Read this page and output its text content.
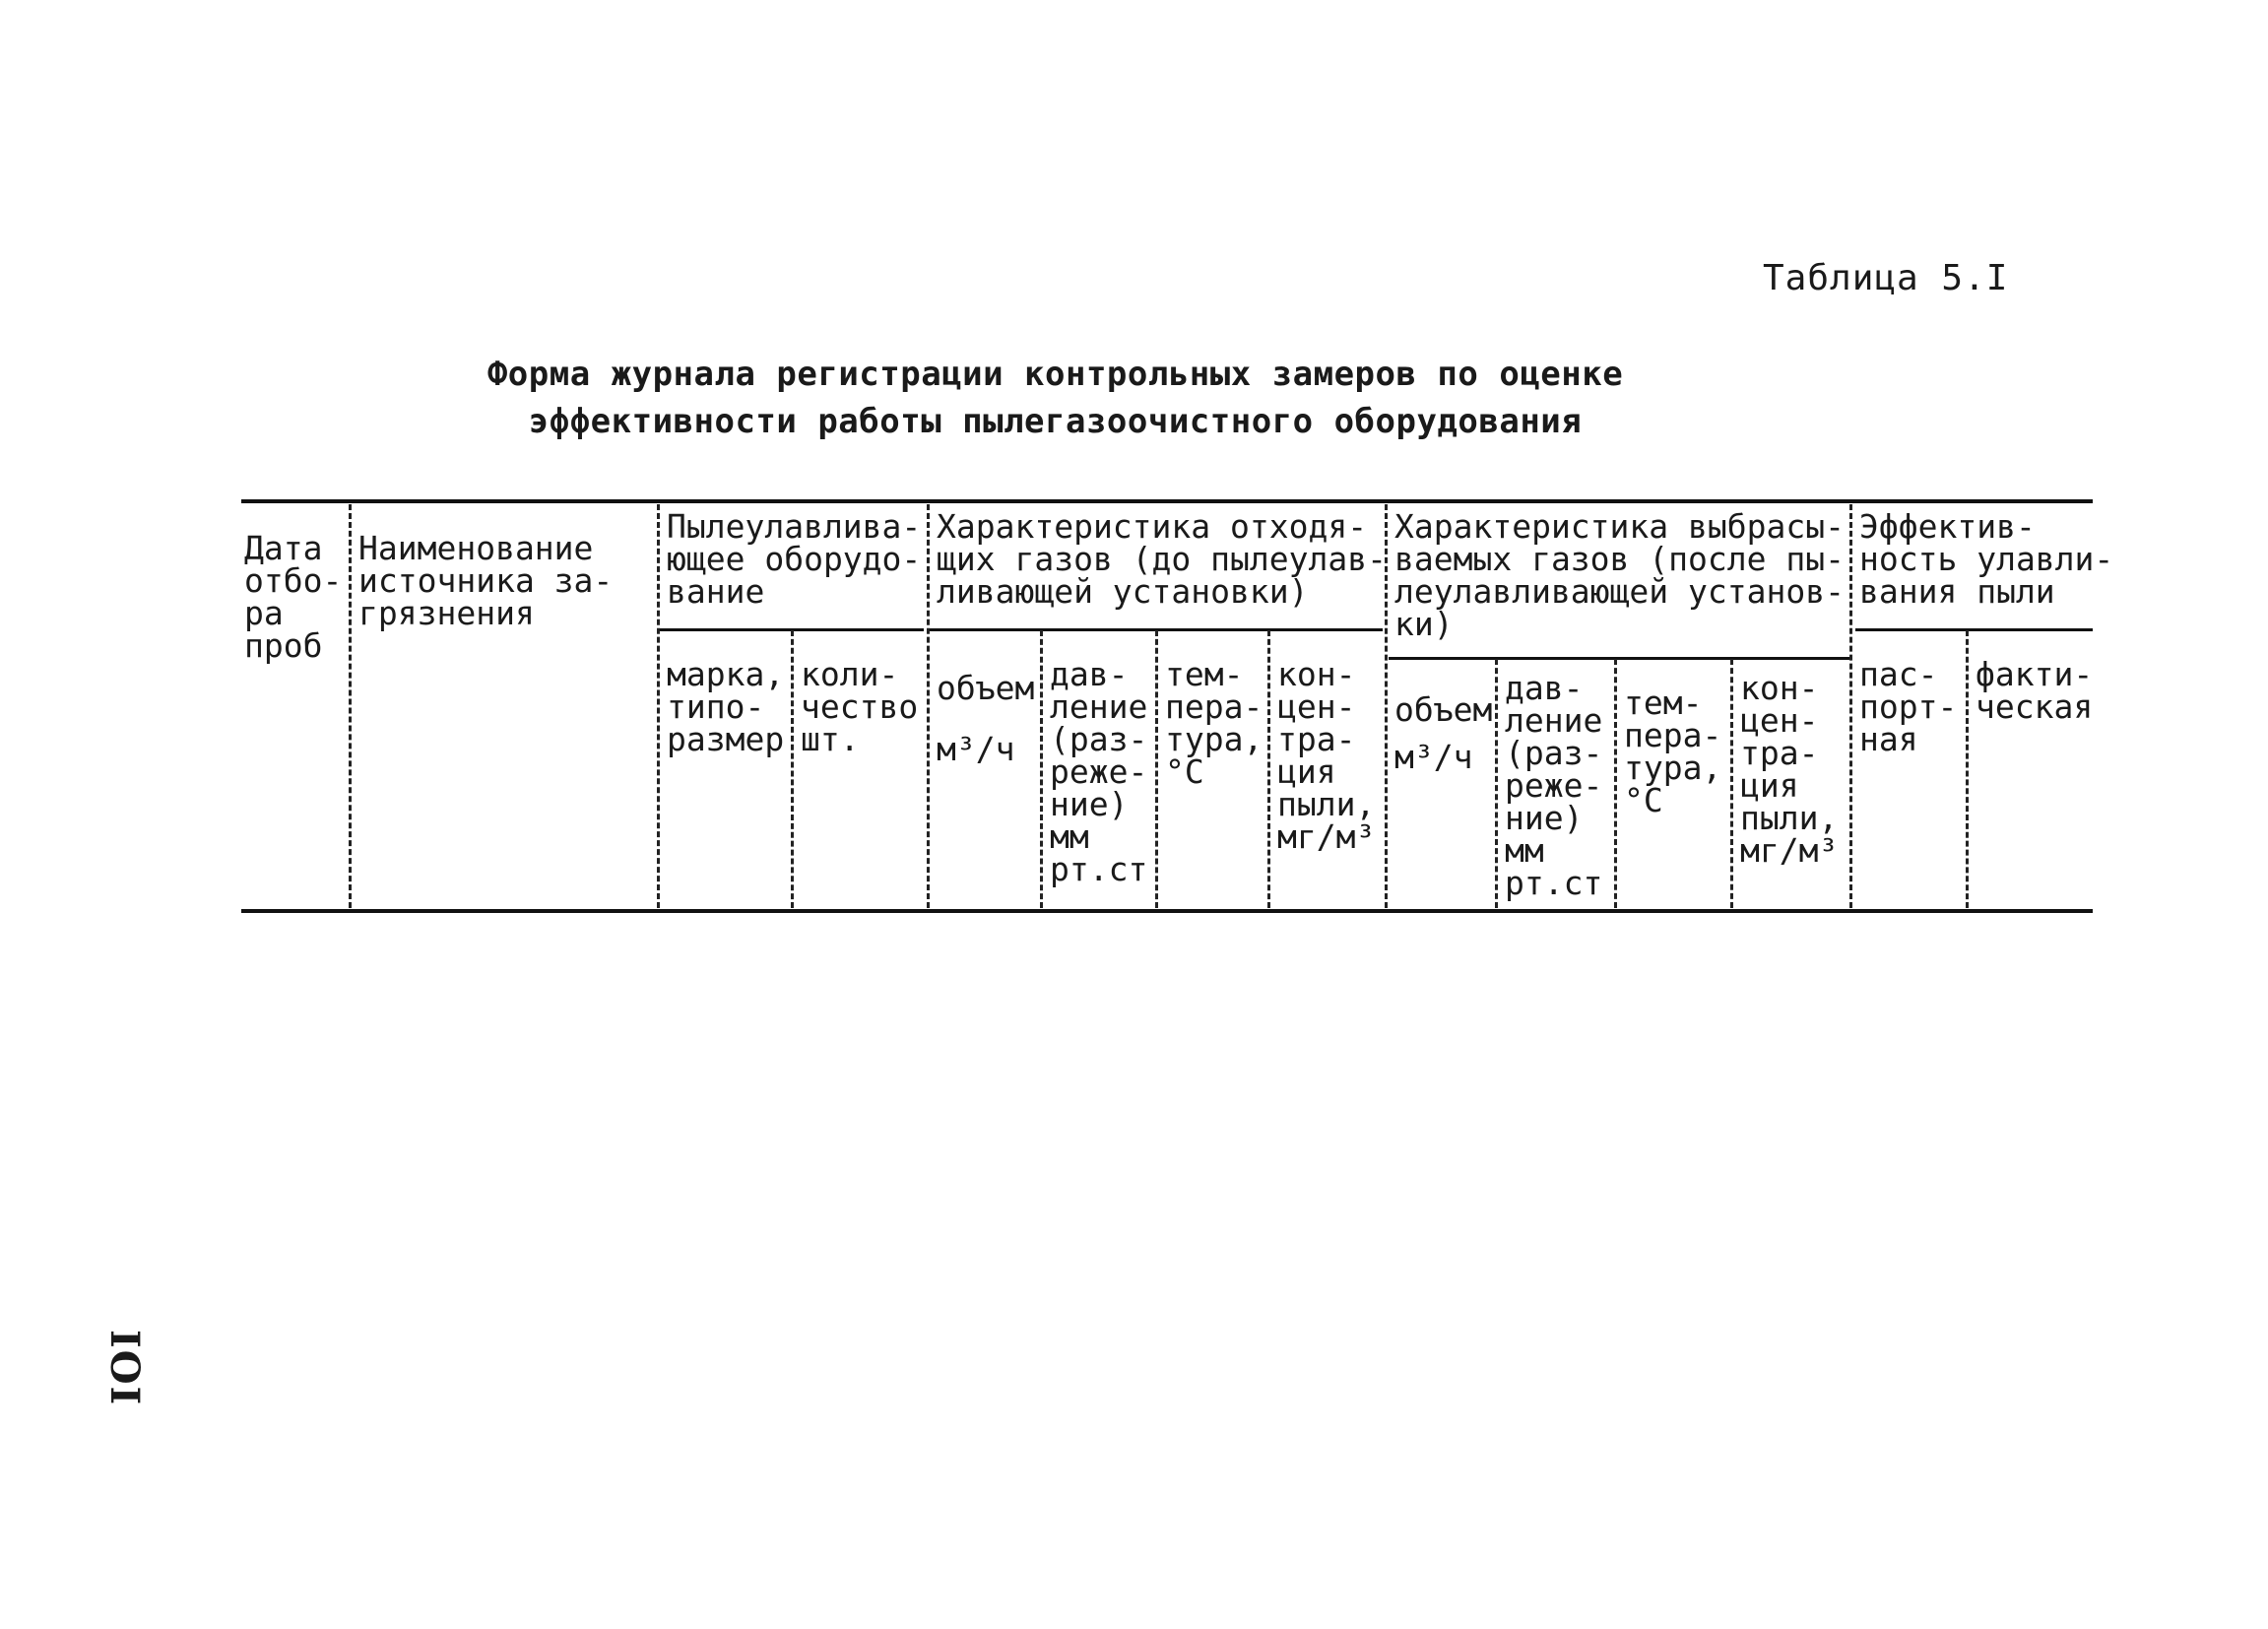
Таблица 5.I
Форма журнала регистрации контрольных замеров по оценке
эффективности работы пылегазоочистного оборудования
Дата
отбо-
ра
проб
Наименование
источника за-
грязнения
Пылеулавлива-
ющее оборудо-
вание
марка,
типо-
размер
коли-
чество
шт.
Характеристика отходя-
щих газов (до пылеулав-
ливающей установки)
объем
м³/ч
дав-
ление
(раз-
реже-
ние)
мм
рт.ст
тем-
пера-
тура,
°С
кон-
цен-
тра-
ция
пыли,
мг/м³
Характеристика выбрасы-
ваемых газов (после пы-
леулавливающей установ-
ки)
объем
м³/ч
дав-
ление
(раз-
реже-
ние)
мм
рт.ст
тем-
пера-
тура,
°С
кон-
цен-
тра-
ция
пыли,
мг/м³
Эффектив-
ность улавли-
вания пыли
пас-
порт-
ная
факти-
ческая
IOI
